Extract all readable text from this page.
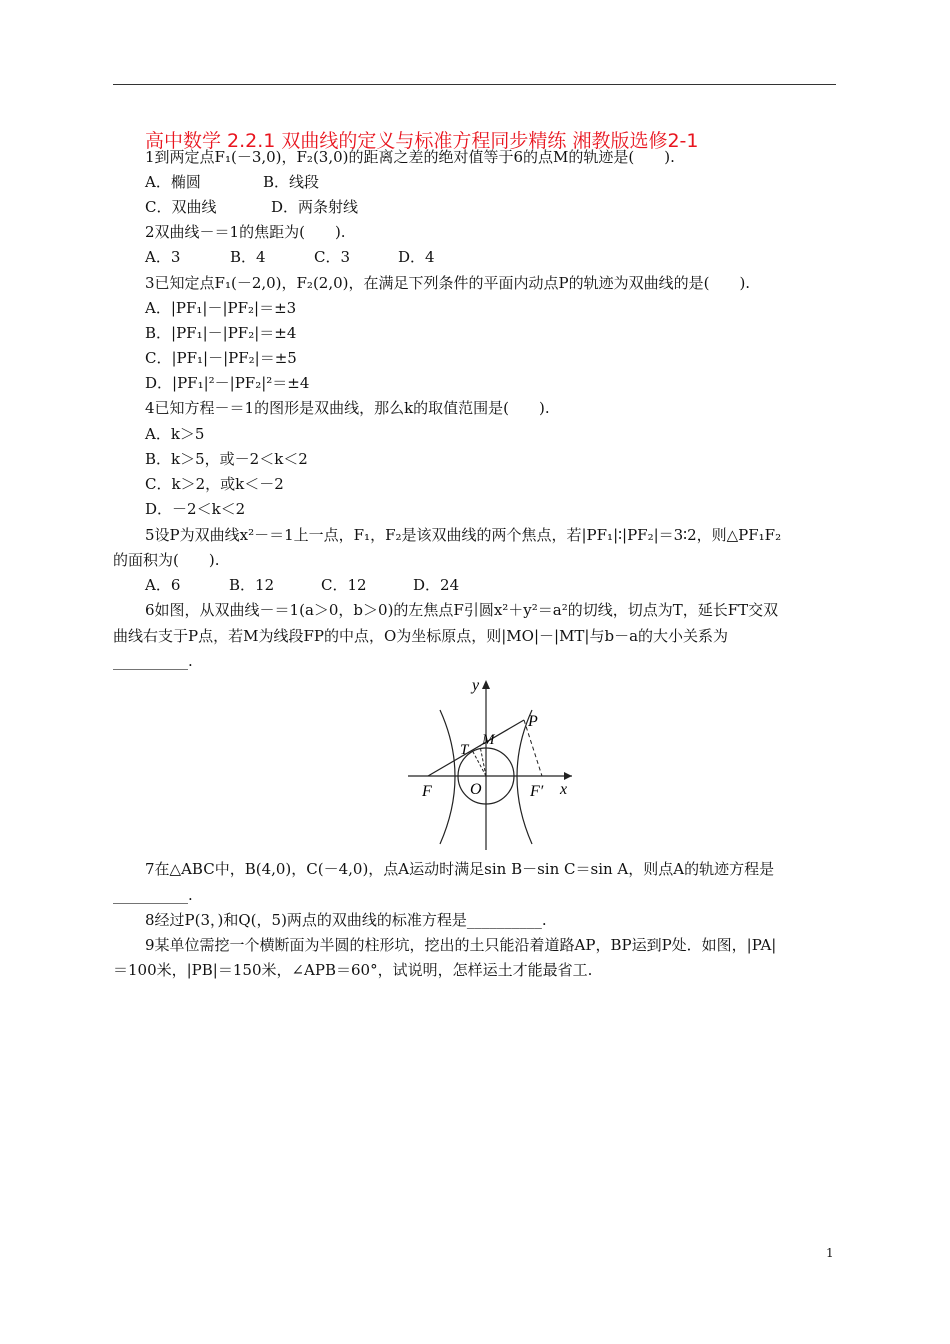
高中数学 2.2.1 双曲线的定义与标准方程同步精练 湘教版选修2-1
1到两定点F₁(－3,0)，F₂(3,0)的距离之差的绝对值等于6的点M的轨迹是(　　).
A．椭圆	B．线段
C．双曲线	D．两条射线
2双曲线－＝1的焦距为(　　).
A．3	B．4	C．3	D．4
3已知定点F₁(－2,0)，F₂(2,0)，在满足下列条件的平面内动点P的轨迹为双曲线的是(　　).
A．|PF₁|－|PF₂|＝±3
B．|PF₁|－|PF₂|＝±4
C．|PF₁|－|PF₂|＝±5
D．|PF₁|²－|PF₂|²＝±4
4已知方程－＝1的图形是双曲线，那么k的取值范围是(　　).
A．k＞5
B．k＞5，或－2＜k＜2
C．k＞2，或k＜－2
D．－2＜k＜2
5设P为双曲线x²－＝1上一点，F₁，F₂是该双曲线的两个焦点，若|PF₁|∶|PF₂|＝3∶2，则△PF₁F₂
的面积为(　　).
A．6	B．12	C．12	D．24
6如图，从双曲线－＝1(a＞0，b＞0)的左焦点F引圆x²＋y²＝a²的切线，切点为T，延长FT交双
曲线右支于P点，若M为线段FP的中点，O为坐标原点，则|MO|－|MT|与b－a的大小关系为
__________.
y
x
P
M
T
F O	F′
7在△ABC中，B(4,0)，C(－4,0)，点A运动时满足sin B－sin C＝sin A，则点A的轨迹方程是
__________.
8经过P(3，)和Q(，5)两点的双曲线的标准方程是__________.
9某单位需挖一个横断面为半圆的柱形坑，挖出的土只能沿着道路AP，BP运到P处．如图，|PA|
＝100米，|PB|＝150米，∠APB＝60°，试说明，怎样运土才能最省工.
1
